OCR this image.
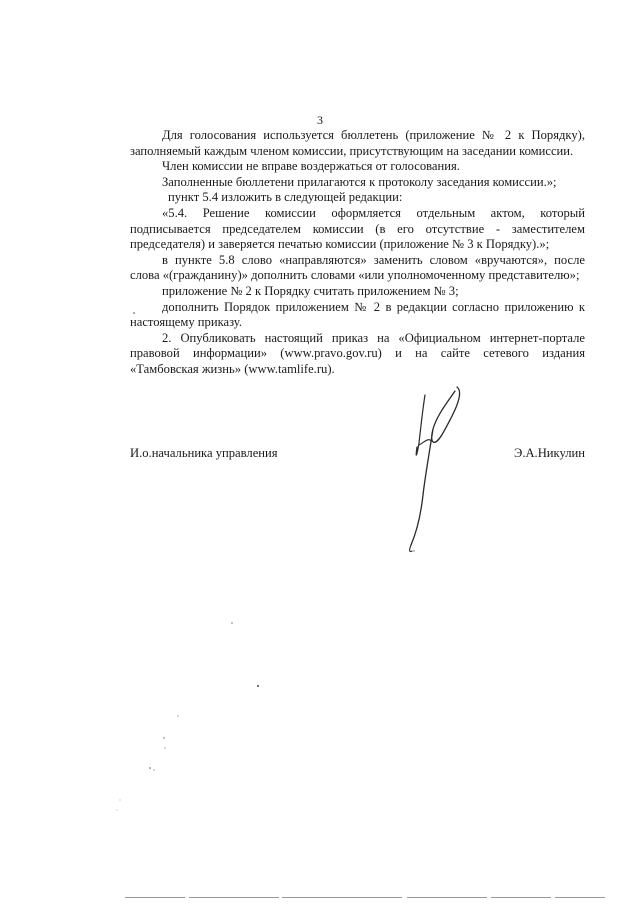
3

Для голосования используется бюллетень (приложение № 2 к Порядку), заполняемый каждым членом комиссии, присутствующим на заседании комиссии.

Член комиссии не вправе воздержаться от голосования.

Заполненные бюллетени прилагаются к протоколу заседания комиссии.»;

пункт 5.4 изложить в следующей редакции:

«5.4. Решение комиссии оформляется отдельным актом, который подписывается председателем комиссии (в его отсутствие - заместителем председателя) и заверяется печатью комиссии (приложение № 3 к Порядку).»;

в пункте 5.8 слово «направляются» заменить словом «вручаются», после слова «(гражданину)» дополнить словами «или уполномоченному представителю»;

приложение № 2 к Порядку считать приложением № 3;

дополнить Порядок приложением № 2 в редакции согласно приложению к настоящему приказу.

2. Опубликовать настоящий приказ на «Официальном интернет-портале правовой информации» (www.pravo.gov.ru) и на сайте сетевого издания «Тамбовская жизнь» (www.tamlife.ru).

И.о.начальника управления	Э.А.Никулин
